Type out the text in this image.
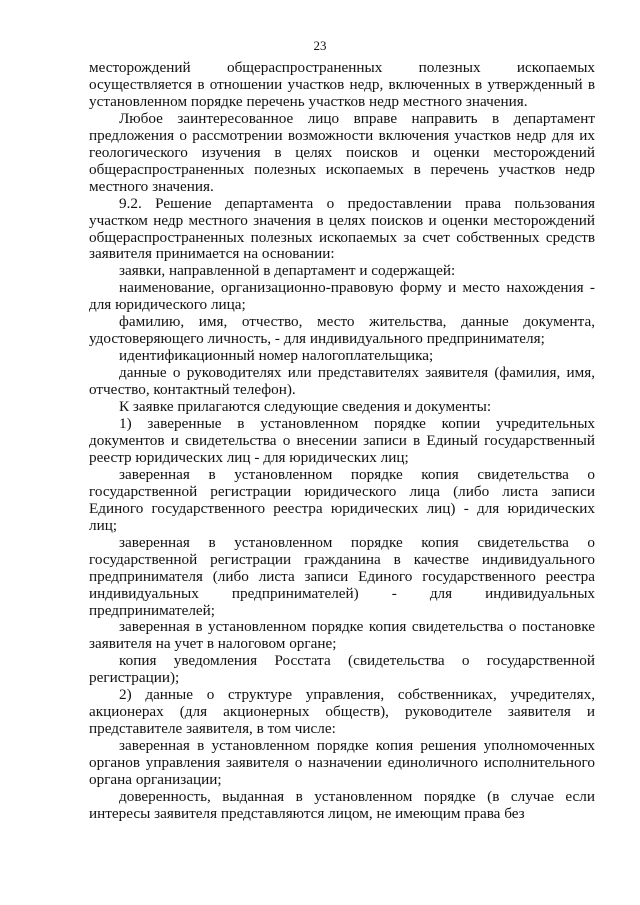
23

месторождений общераспространенных полезных ископаемых осуществляется в отношении участков недр, включенных в утвержденный в установленном порядке перечень участков недр местного значения.

Любое заинтересованное лицо вправе направить в департамент предложения о рассмотрении возможности включения участков недр для их геологического изучения в целях поисков и оценки месторождений общераспространенных полезных ископаемых в перечень участков недр местного значения.

9.2. Решение департамента о предоставлении права пользования участком недр местного значения в целях поисков и оценки месторождений общераспространенных полезных ископаемых за счет собственных средств заявителя принимается на основании:

заявки, направленной в департамент и содержащей:

наименование, организационно-правовую форму и место нахождения - для юридического лица;

фамилию, имя, отчество, место жительства, данные документа, удостоверяющего личность, - для индивидуального предпринимателя;

идентификационный номер налогоплательщика;

данные о руководителях или представителях заявителя (фамилия, имя, отчество, контактный телефон).

К заявке прилагаются следующие сведения и документы:

1) заверенные в установленном порядке копии учредительных документов и свидетельства о внесении записи в Единый государственный реестр юридических лиц - для юридических лиц;

заверенная в установленном порядке копия свидетельства о государственной регистрации юридического лица (либо листа записи Единого государственного реестра юридических лиц) - для юридических лиц;

заверенная в установленном порядке копия свидетельства о государственной регистрации гражданина в качестве индивидуального предпринимателя (либо листа записи Единого государственного реестра индивидуальных предпринимателей) - для индивидуальных предпринимателей;

заверенная в установленном порядке копия свидетельства о постановке заявителя на учет в налоговом органе;

копия уведомления Росстата (свидетельства о государственной регистрации);

2) данные о структуре управления, собственниках, учредителях, акционерах (для акционерных обществ), руководителе заявителя и представителе заявителя, в том числе:

заверенная в установленном порядке копия решения уполномоченных органов управления заявителя о назначении единоличного исполнительного органа организации;

доверенность, выданная в установленном порядке (в случае если интересы заявителя представляются лицом, не имеющим права без
